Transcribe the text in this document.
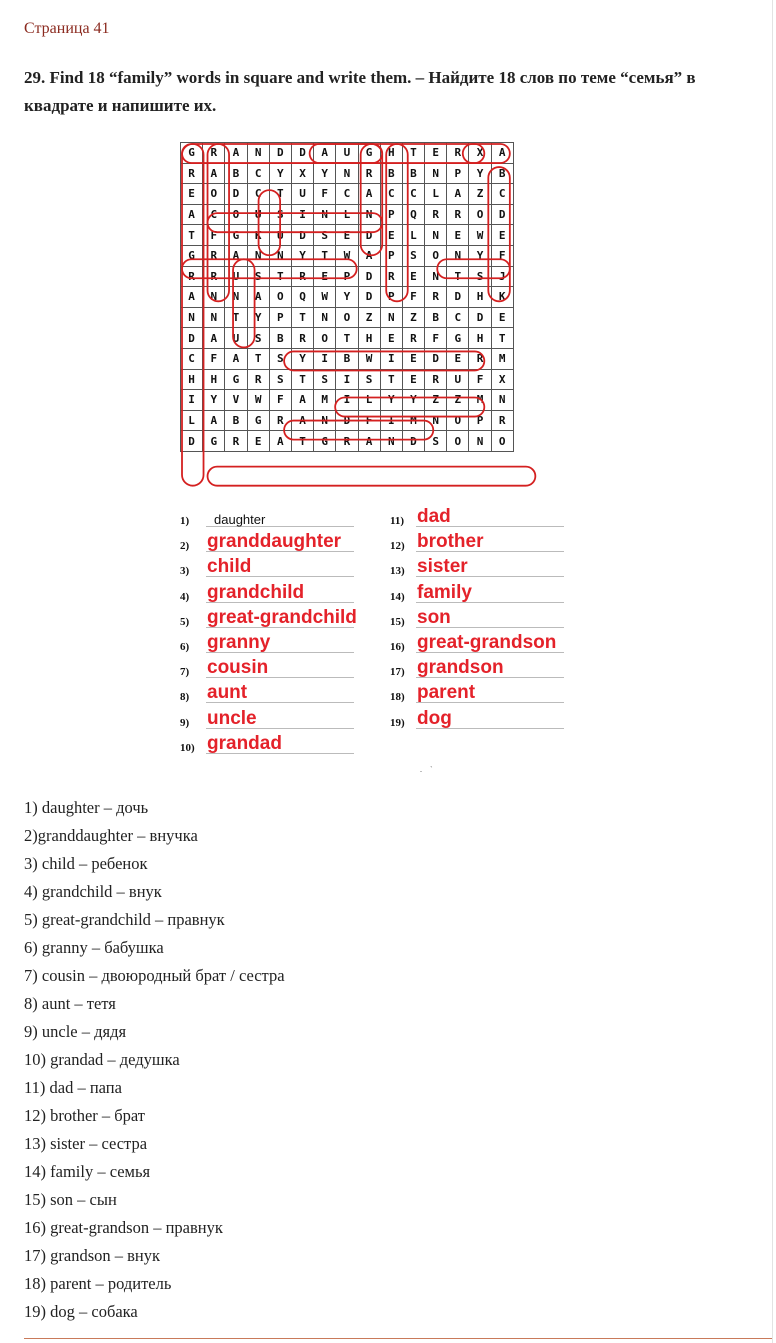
Страница 41
29. Find 18 “family” words in square and write them. – Найдите 18 слов по теме “семья” в квадрате и напишите их.
G	R	A	N	D	D	A	U	G	H	T	E	R	X	A
R	A	B	C	Y	X	Y	N	R	B	B	N	P	Y	B
E	O	D	C	T	U	F	C	A	C	C	L	A	Z	C
A	C	O	U	S	I	N	L	N	P	Q	R	R	O	D
T	F	G	K	U	D	S	E	D	E	L	N	E	W	E
G	R	A	N	N	Y	T	W	A	P	S	O	N	Y	F
R	R	U	S	T	R	E	P	D	R	E	N	T	S	J
A	N	N	A	O	Q	W	Y	D	P	F	R	D	H	K
N	N	T	Y	P	T	N	O	Z	N	Z	B	C	D	E
D	A	U	S	B	R	O	T	H	E	R	F	G	H	T
C	F	A	T	S	Y	I	B	W	I	E	D	E	R	M
H	H	G	R	S	T	S	I	S	T	E	R	U	F	X
I	Y	V	W	F	A	M	I	L	Y	Y	Z	Z	M	N
L	A	B	G	R	A	N	D	F	I	M	N	O	P	R
D	G	R	E	A	T	G	R	A	N	D	S	O	N	O
1) daughter
2) granddaughter
3) child
4) grandchild
5) great-grandchild
6) granny
7) cousin
8) aunt
9) uncle
10) grandad
11) dad
12) brother
13) sister
14) family
15) son
16) great-grandson
17) grandson
18) parent
19) dog
.    ˋ
1) daughter – дочь
2)granddaughter – внучка
3) child – ребенок
4) grandchild – внук
5) great-grandchild – правнук
6) granny – бабушка
7) cousin – двоюродный брат / сестра
8) aunt – тетя
9) uncle – дядя
10) grandad – дедушка
11) dad – папа
12) brother – брат
13) sister – сестра
14) family – семья
15) son – сын
16) great-grandson – правнук
17) grandson – внук
18) parent – родитель
19) dog – собака
